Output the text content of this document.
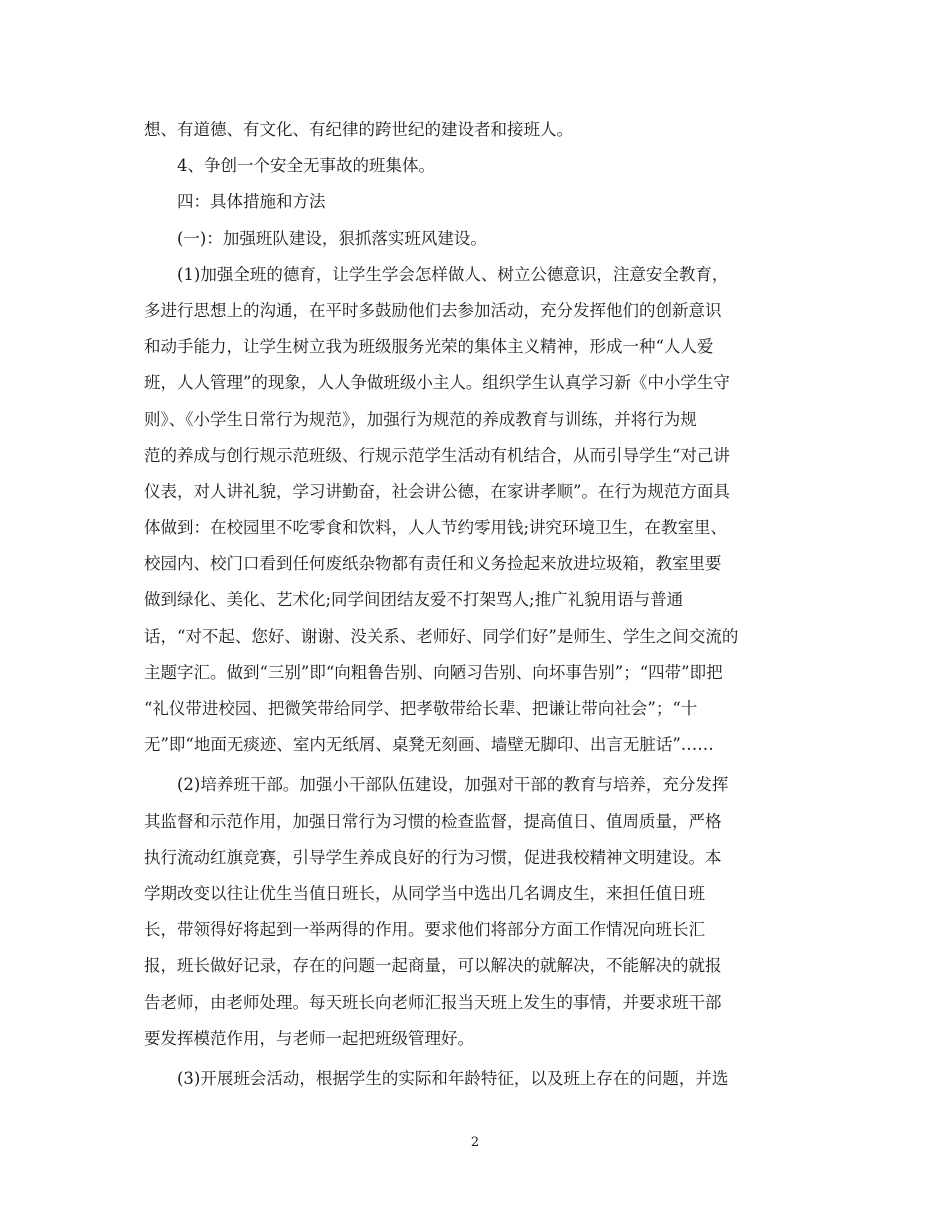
想、有道德、有文化、有纪律的跨世纪的建设者和接班人。
4、争创一个安全无事故的班集体。
四：具体措施和方法
(一)：加强班队建设，狠抓落实班风建设。
(1)加强全班的德育，让学生学会怎样做人、树立公德意识，注意安全教育，
多进行思想上的沟通，在平时多鼓励他们去参加活动，充分发挥他们的创新意识
和动手能力，让学生树立我为班级服务光荣的集体主义精神，形成一种“人人爱
班，人人管理”的现象，人人争做班级小主人。组织学生认真学习新《中小学生守
则》、《小学生日常行为规范》，加强行为规范的养成教育与训练，并将行为规
范的养成与创行规示范班级、行规示范学生活动有机结合，从而引导学生“对己讲
仪表，对人讲礼貌，学习讲勤奋，社会讲公德，在家讲孝顺”。在行为规范方面具
体做到：在校园里不吃零食和饮料，人人节约零用钱;讲究环境卫生，在教室里、
校园内、校门口看到任何废纸杂物都有责任和义务捡起来放进垃圾箱，教室里要
做到绿化、美化、艺术化;同学间团结友爱不打架骂人;推广礼貌用语与普通
话，“对不起、您好、谢谢、没关系、老师好、同学们好”是师生、学生之间交流的
主题字汇。做到“三别”即“向粗鲁告别、向陋习告别、向坏事告别”；“四带”即把
“礼仪带进校园、把微笑带给同学、把孝敬带给长辈、把谦让带向社会”；“十
无”即“地面无痰迹、室内无纸屑、桌凳无刻画、墙壁无脚印、出言无脏话”……
(2)培养班干部。加强小干部队伍建设，加强对干部的教育与培养，充分发挥
其监督和示范作用，加强日常行为习惯的检查监督，提高值日、值周质量，严格
执行流动红旗竞赛，引导学生养成良好的行为习惯，促进我校精神文明建设。本
学期改变以往让优生当值日班长，从同学当中选出几名调皮生，来担任值日班
长，带领得好将起到一举两得的作用。要求他们将部分方面工作情况向班长汇
报，班长做好记录，存在的问题一起商量，可以解决的就解决，不能解决的就报
告老师，由老师处理。每天班长向老师汇报当天班上发生的事情，并要求班干部
要发挥模范作用，与老师一起把班级管理好。
(3)开展班会活动，根据学生的实际和年龄特征，以及班上存在的问题，并选
2
